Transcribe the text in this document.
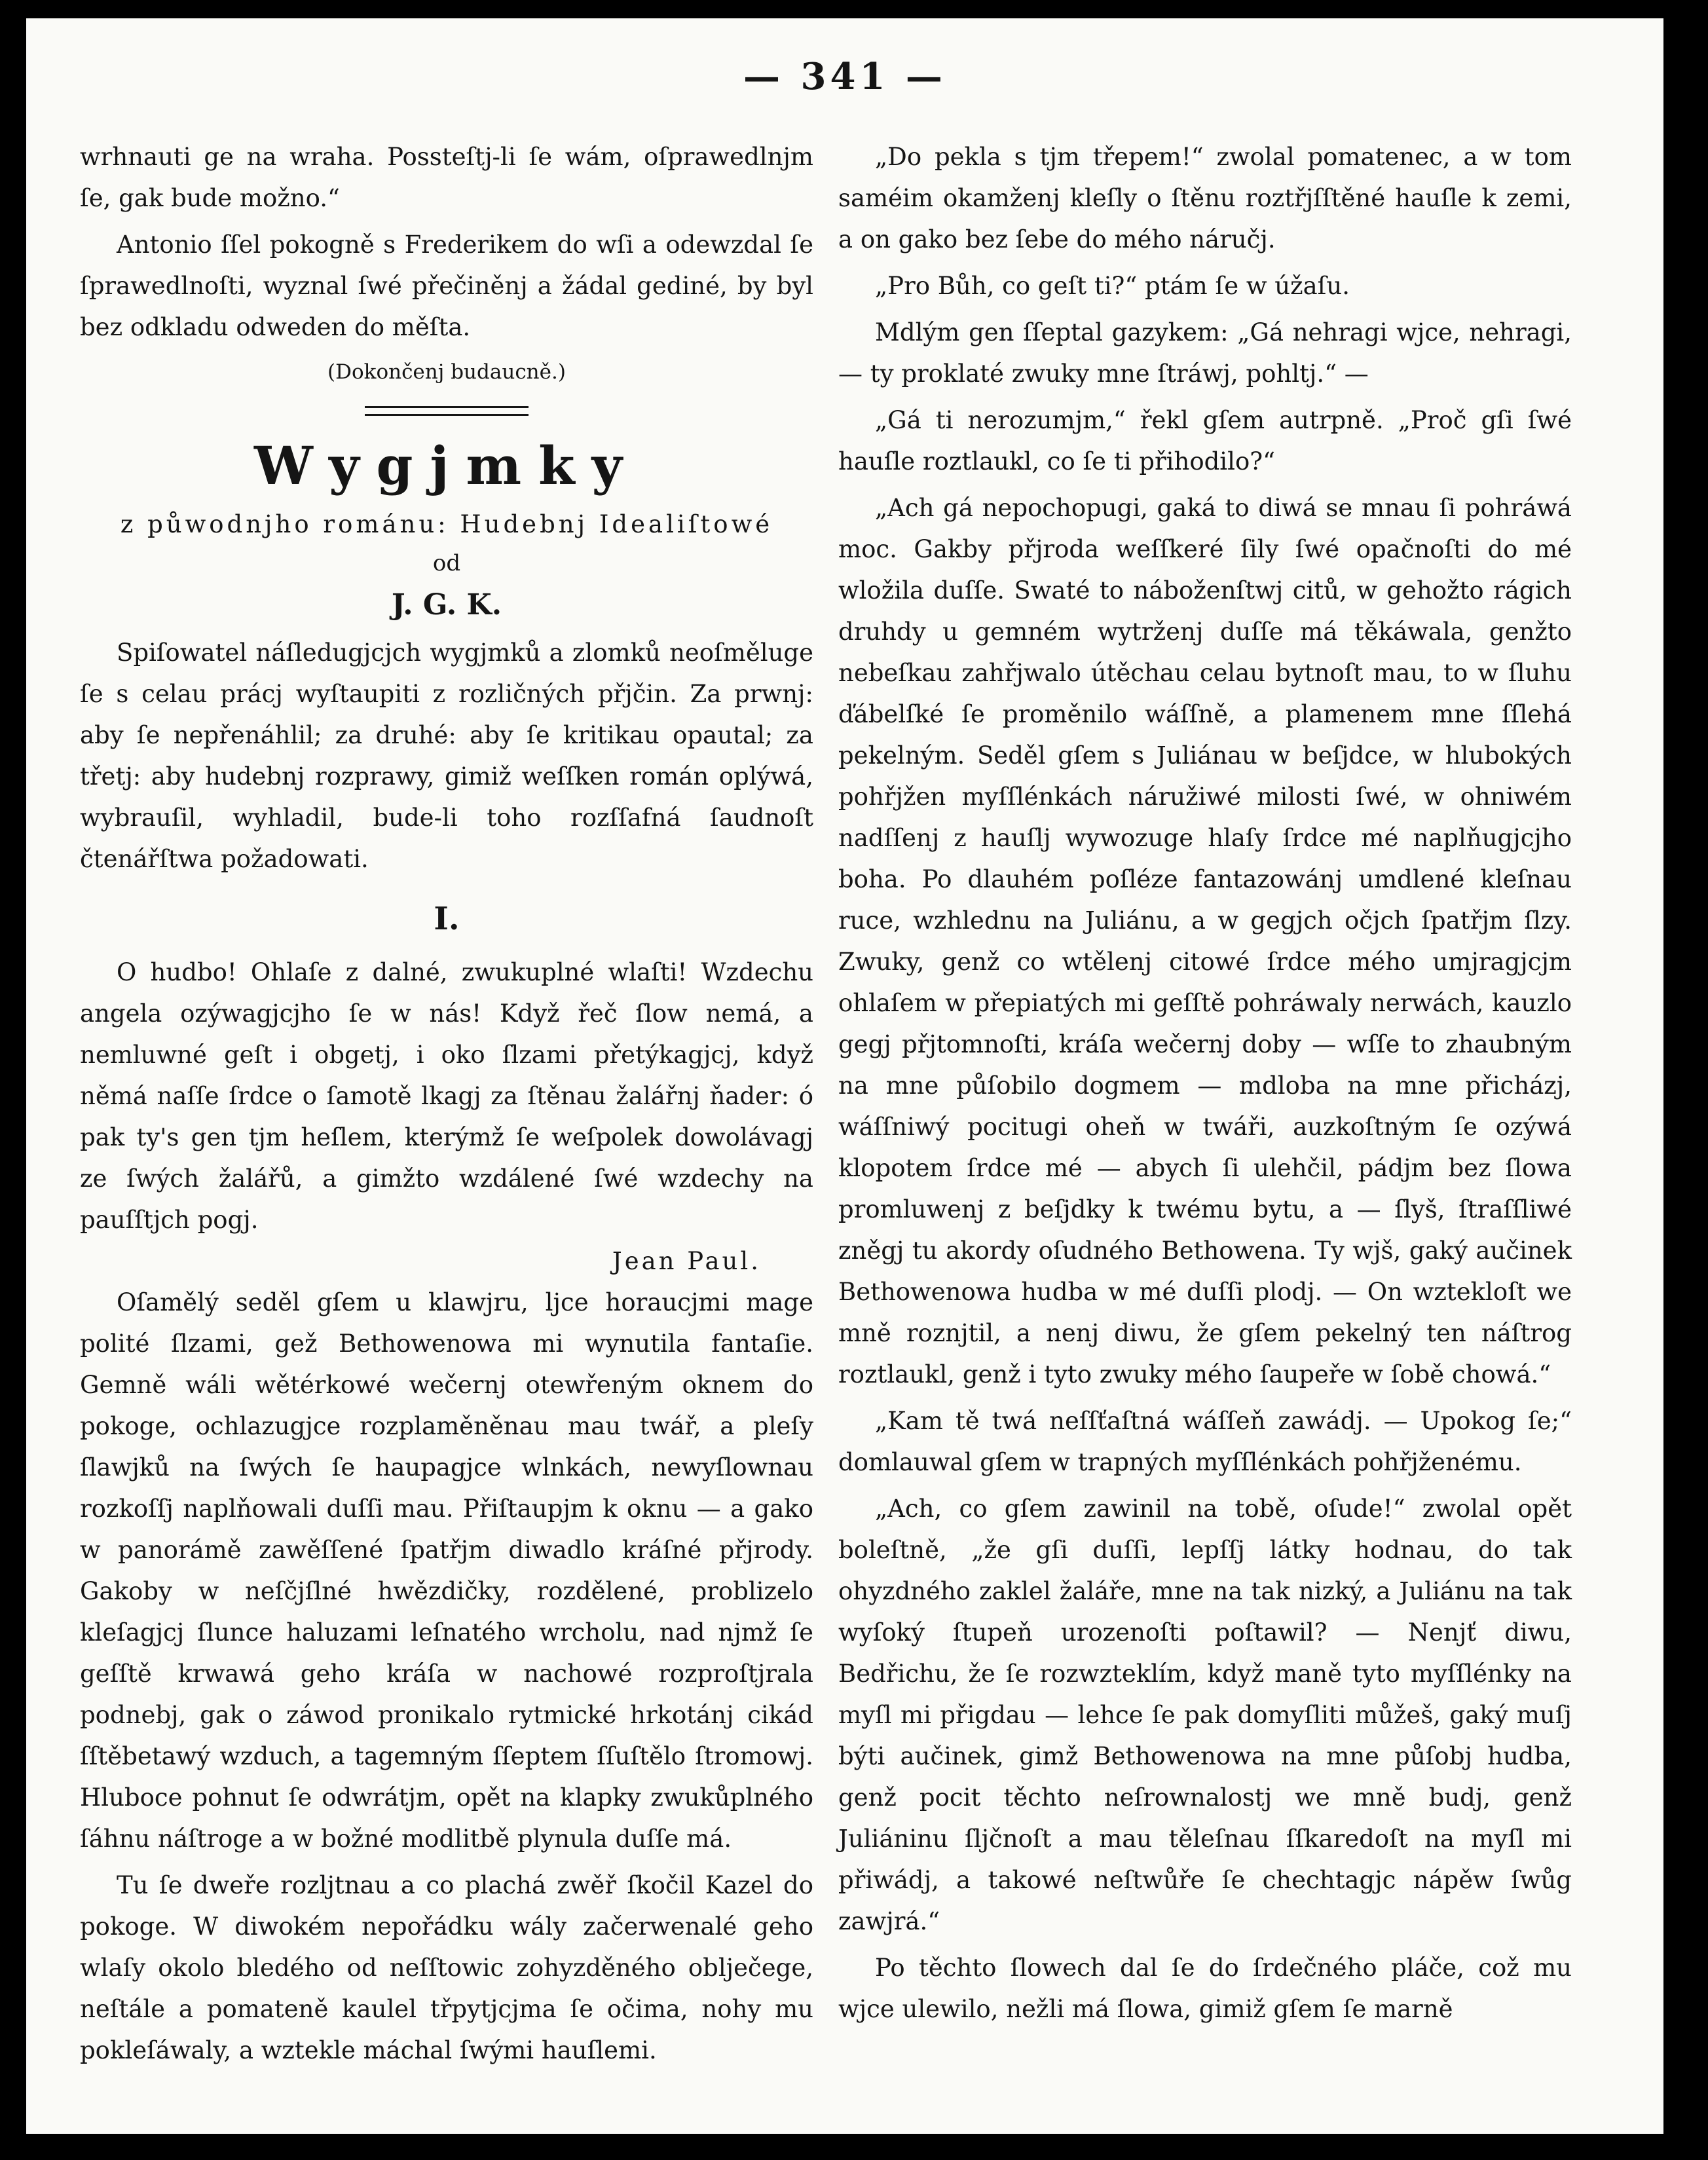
— 341 —

wrhnauti ge na wraha. Possteſtj-li ſe wám, oſprawedlnjm ſe, gak bude možno.“

Antonio ſſel pokogně s Frederikem do wſi a odewzdal ſe ſprawedlnoſti, wyznal ſwé přečiněnj a žádal gediné, by byl bez odkladu odweden do měſta.

(Dokončenj budaucně.)

Wygjmky

z půwodnjho románu: Hudebnj Idealiſtowé

od

J. G. K.

Spiſowatel náſledugjcjch wygjmků a zlomků neoſměluge ſe s celau prácj wyſtaupiti z rozličných přjčin. Za prwnj: aby ſe nepřenáhlil; za druhé: aby ſe kritikau opautal; za třetj: aby hudebnj rozprawy, gimiž weſſken román oplýwá, wybrauſil, wyhladil, bude-li toho rozſſafná ſaudnoſt čtenářſtwa požadowati.

I.

O hudbo! Ohlaſe z dalné, zwukuplné wlaſti! Wzdechu angela ozýwagjcjho ſe w nás! Když řeč ſlow nemá, a nemluwné geſt i obgetj, i oko ſlzami přetýkagjcj, když němá naſſe ſrdce o ſamotě lkagj za ſtěnau žalářnj ňader: ó pak ty's gen tjm heſlem, kterýmž ſe weſpolek dowolávagj ze ſwých žalářů, a gimžto wzdálené ſwé wzdechy na pauſſtjch pogj.

Jean Paul.

Oſamělý seděl gſem u klawjru, ljce horaucjmi mage polité ſlzami, gež Bethowenowa mi wynutila fantaſie. Gemně wáli wětérkowé wečernj otewřeným oknem do pokoge, ochlazugjce rozplaměněnau mau twář, a pleſy ſlawjků na ſwých ſe haupagjce wlnkách, newyſlownau rozkoſſj naplňowali duſſi mau. Přiſtaupjm k oknu — a gako w panorámě zawěſſené ſpatřjm diwadlo kráſné přjrody. Gakoby w neſčjſlné hwězdičky, rozdělené, problizelo kleſagjcj ſlunce haluzami leſnatého wrcholu, nad njmž ſe geſſtě krwawá geho kráſa w nachowé rozproſtjrala podnebj, gak o záwod pronikalo rytmické hrkotánj cikád ſſtěbetawý wzduch, a tagemným ſſeptem ſſuſtělo ſtromowj. Hluboce pohnut ſe odwrátjm, opět na klapky zwukůplného ſáhnu náſtroge a w božné modlitbě plynula duſſe má.

Tu ſe dweře rozljtnau a co plachá zwěř ſkočil Kazel do pokoge. W diwokém nepořádku wály začerwenalé geho wlaſy okolo bledého od neſſtowic zohyzděného oblječege, neſtále a pomateně kaulel třpytjcjma ſe očima, nohy mu pokleſáwaly, a wztekle máchal ſwými hauſlemi.

„Do pekla s tjm třepem!“ zwolal pomatenec, a w tom saméim okamženj kleſly o ſtěnu roztřjſſtěné hauſle k zemi, a on gako bez ſebe do mého náručj.

„Pro Bůh, co geſt ti?“ ptám ſe w úžaſu.

Mdlým gen ſſeptal gazykem: „Gá nehragi wjce, nehragi, — ty proklaté zwuky mne ſtráwj, pohltj.“ —

„Gá ti nerozumjm,“ řekl gſem autrpně. „Proč gſi ſwé hauſle roztlaukl, co ſe ti přihodilo?“

„Ach gá nepochopugi, gaká to diwá se mnau ſi pohráwá moc. Gakby přjroda weſſkeré ſily ſwé opačnoſti do mé wložila duſſe. Swaté to náboženſtwj citů, w gehožto rágich druhdy u gemném wytrženj duſſe má těkáwala, genžto nebeſkau zahřjwalo útěchau celau bytnoſt mau, to w ſluhu ďábelſké ſe proměnilo wáſſně, a plamenem mne ſſlehá pekelným. Seděl gſem s Juliánau w beſjdce, w hlubokých pohřjžen myſſlénkách náružiwé milosti ſwé, w ohniwém nadſſenj z hauſlj wywozuge hlaſy ſrdce mé naplňugjcjho boha. Po dlauhém poſléze fantazowánj umdlené kleſnau ruce, wzhlednu na Juliánu, a w gegjch očjch ſpatřjm ſlzy. Zwuky, genž co wtělenj citowé ſrdce mého umjragjcjm ohlaſem w přepiatých mi geſſtě pohráwaly nerwách, kauzlo gegj přjtomnoſti, kráſa wečernj doby — wſſe to zhaubným na mne půſobilo dogmem — mdloba na mne přicházj, wáſſniwý pocitugi oheň w twáři, auzkoſtným ſe ozýwá klopotem ſrdce mé — abych ſi ulehčil, pádjm bez ſlowa promluwenj z beſjdky k twému bytu, a — ſlyš, ſtraſſliwé zněgj tu akordy oſudného Bethowena. Ty wjš, gaký aučinek Bethowenowa hudba w mé duſſi plodj. — On wztekloſt we mně roznjtil, a nenj diwu, že gſem pekelný ten náſtrog roztlaukl, genž i tyto zwuky mého ſaupeře w ſobě chowá.“

„Kam tě twá neſſťaſtná wáſſeň zawádj. — Upokog ſe;“ domlauwal gſem w trapných myſſlénkách pohřjženému.

„Ach, co gſem zawinil na tobě, oſude!“ zwolal opět boleſtně, „že gſi duſſi, lepſſj látky hodnau, do tak ohyzdného zaklel žaláře, mne na tak nizký, a Juliánu na tak wyſoký ſtupeň urozenoſti poſtawil? — Nenjť diwu, Bedřichu, že ſe rozwzteklím, když maně tyto myſſlénky na myſl mi přigdau — lehce ſe pak domyſliti můžeš, gaký muſj býti aučinek, gimž Bethowenowa na mne půſobj hudba, genž pocit těchto neſrownalostj we mně budj, genž Juliáninu ſljčnoſt a mau těleſnau ſſkaredoſt na myſl mi přiwádj, a takowé neſtwůře ſe chechtagjc náрěw ſwůg zawjrá.“

Po těchto ſlowech dal ſe do ſrdečného pláče, což mu wjce ulewilo, nežli má ſlowa, gimiž gſem ſe marně
